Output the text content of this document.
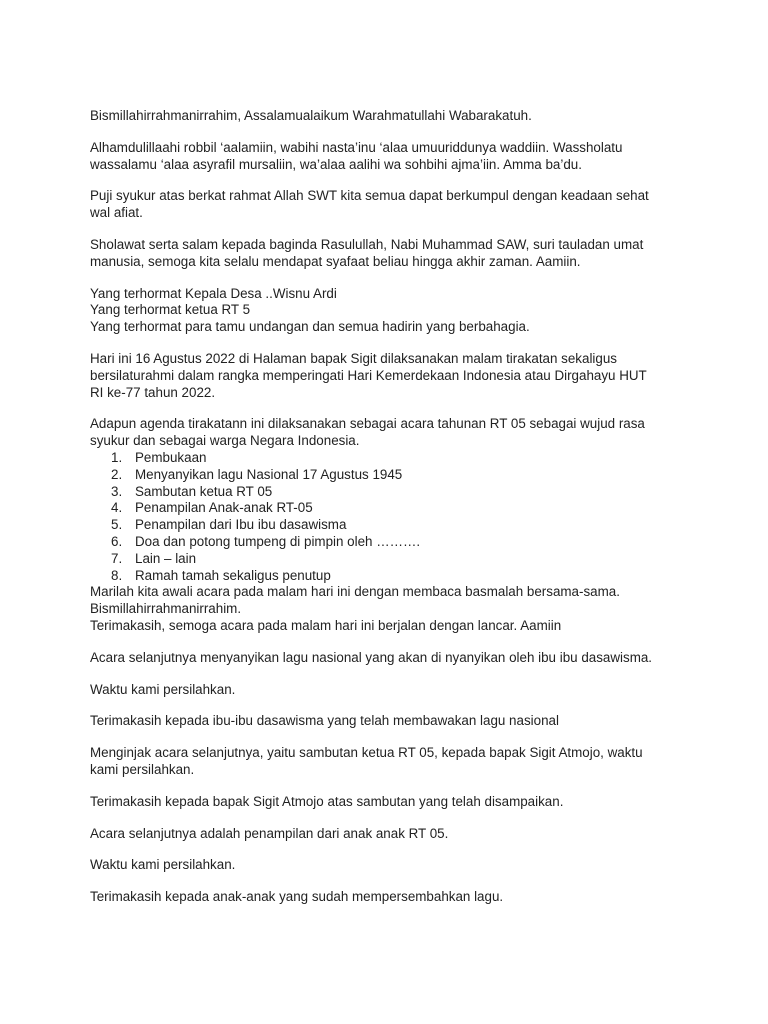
Bismillahirrahmanirrahim, Assalamualaikum Warahmatullahi Wabarakatuh.

Alhamdulillaahi robbil ‘aalamiin, wabihi nasta’inu ‘alaa umuuriddunya waddiin. Wassholatu
wassalamu ‘alaa asyrafil mursaliin, wa’alaa aalihi wa sohbihi ajma’iin. Amma ba’du.

Puji syukur atas berkat rahmat Allah SWT kita semua dapat berkumpul dengan keadaan sehat
wal afiat.

Sholawat serta salam kepada baginda Rasulullah, Nabi Muhammad SAW, suri tauladan umat
manusia, semoga kita selalu mendapat syafaat beliau hingga akhir zaman. Aamiin.

Yang terhormat Kepala Desa ..Wisnu Ardi
Yang terhormat ketua RT 5
Yang terhormat para tamu undangan dan semua hadirin yang berbahagia.

Hari ini 16 Agustus 2022 di Halaman bapak Sigit dilaksanakan malam tirakatan sekaligus
bersilaturahmi dalam rangka memperingati Hari Kemerdekaan Indonesia atau Dirgahayu HUT
RI ke-77 tahun 2022.

Adapun agenda tirakatann ini dilaksanakan sebagai acara tahunan RT 05 sebagai wujud rasa
syukur dan sebagai warga Negara Indonesia.

1. Pembukaan
2. Menyanyikan lagu Nasional 17 Agustus 1945
3. Sambutan ketua RT 05
4. Penampilan Anak-anak RT-05
5. Penampilan dari Ibu ibu dasawisma
6. Doa dan potong tumpeng di pimpin oleh ……….
7. Lain – lain
8. Ramah tamah sekaligus penutup

Marilah kita awali acara pada malam hari ini dengan membaca basmalah bersama-sama.
Bismillahirrahmanirrahim.
Terimakasih, semoga acara pada malam hari ini berjalan dengan lancar. Aamiin

Acara selanjutnya menyanyikan lagu nasional yang akan di nyanyikan oleh ibu ibu dasawisma.

Waktu kami persilahkan.

Terimakasih kepada ibu-ibu dasawisma yang telah membawakan lagu nasional

Menginjak acara selanjutnya, yaitu sambutan ketua RT 05, kepada bapak Sigit Atmojo, waktu
kami persilahkan.

Terimakasih kepada bapak Sigit Atmojo atas sambutan yang telah disampaikan.

Acara selanjutnya adalah penampilan dari anak anak RT 05.

Waktu kami persilahkan.

Terimakasih kepada anak-anak yang sudah mempersembahkan lagu.
